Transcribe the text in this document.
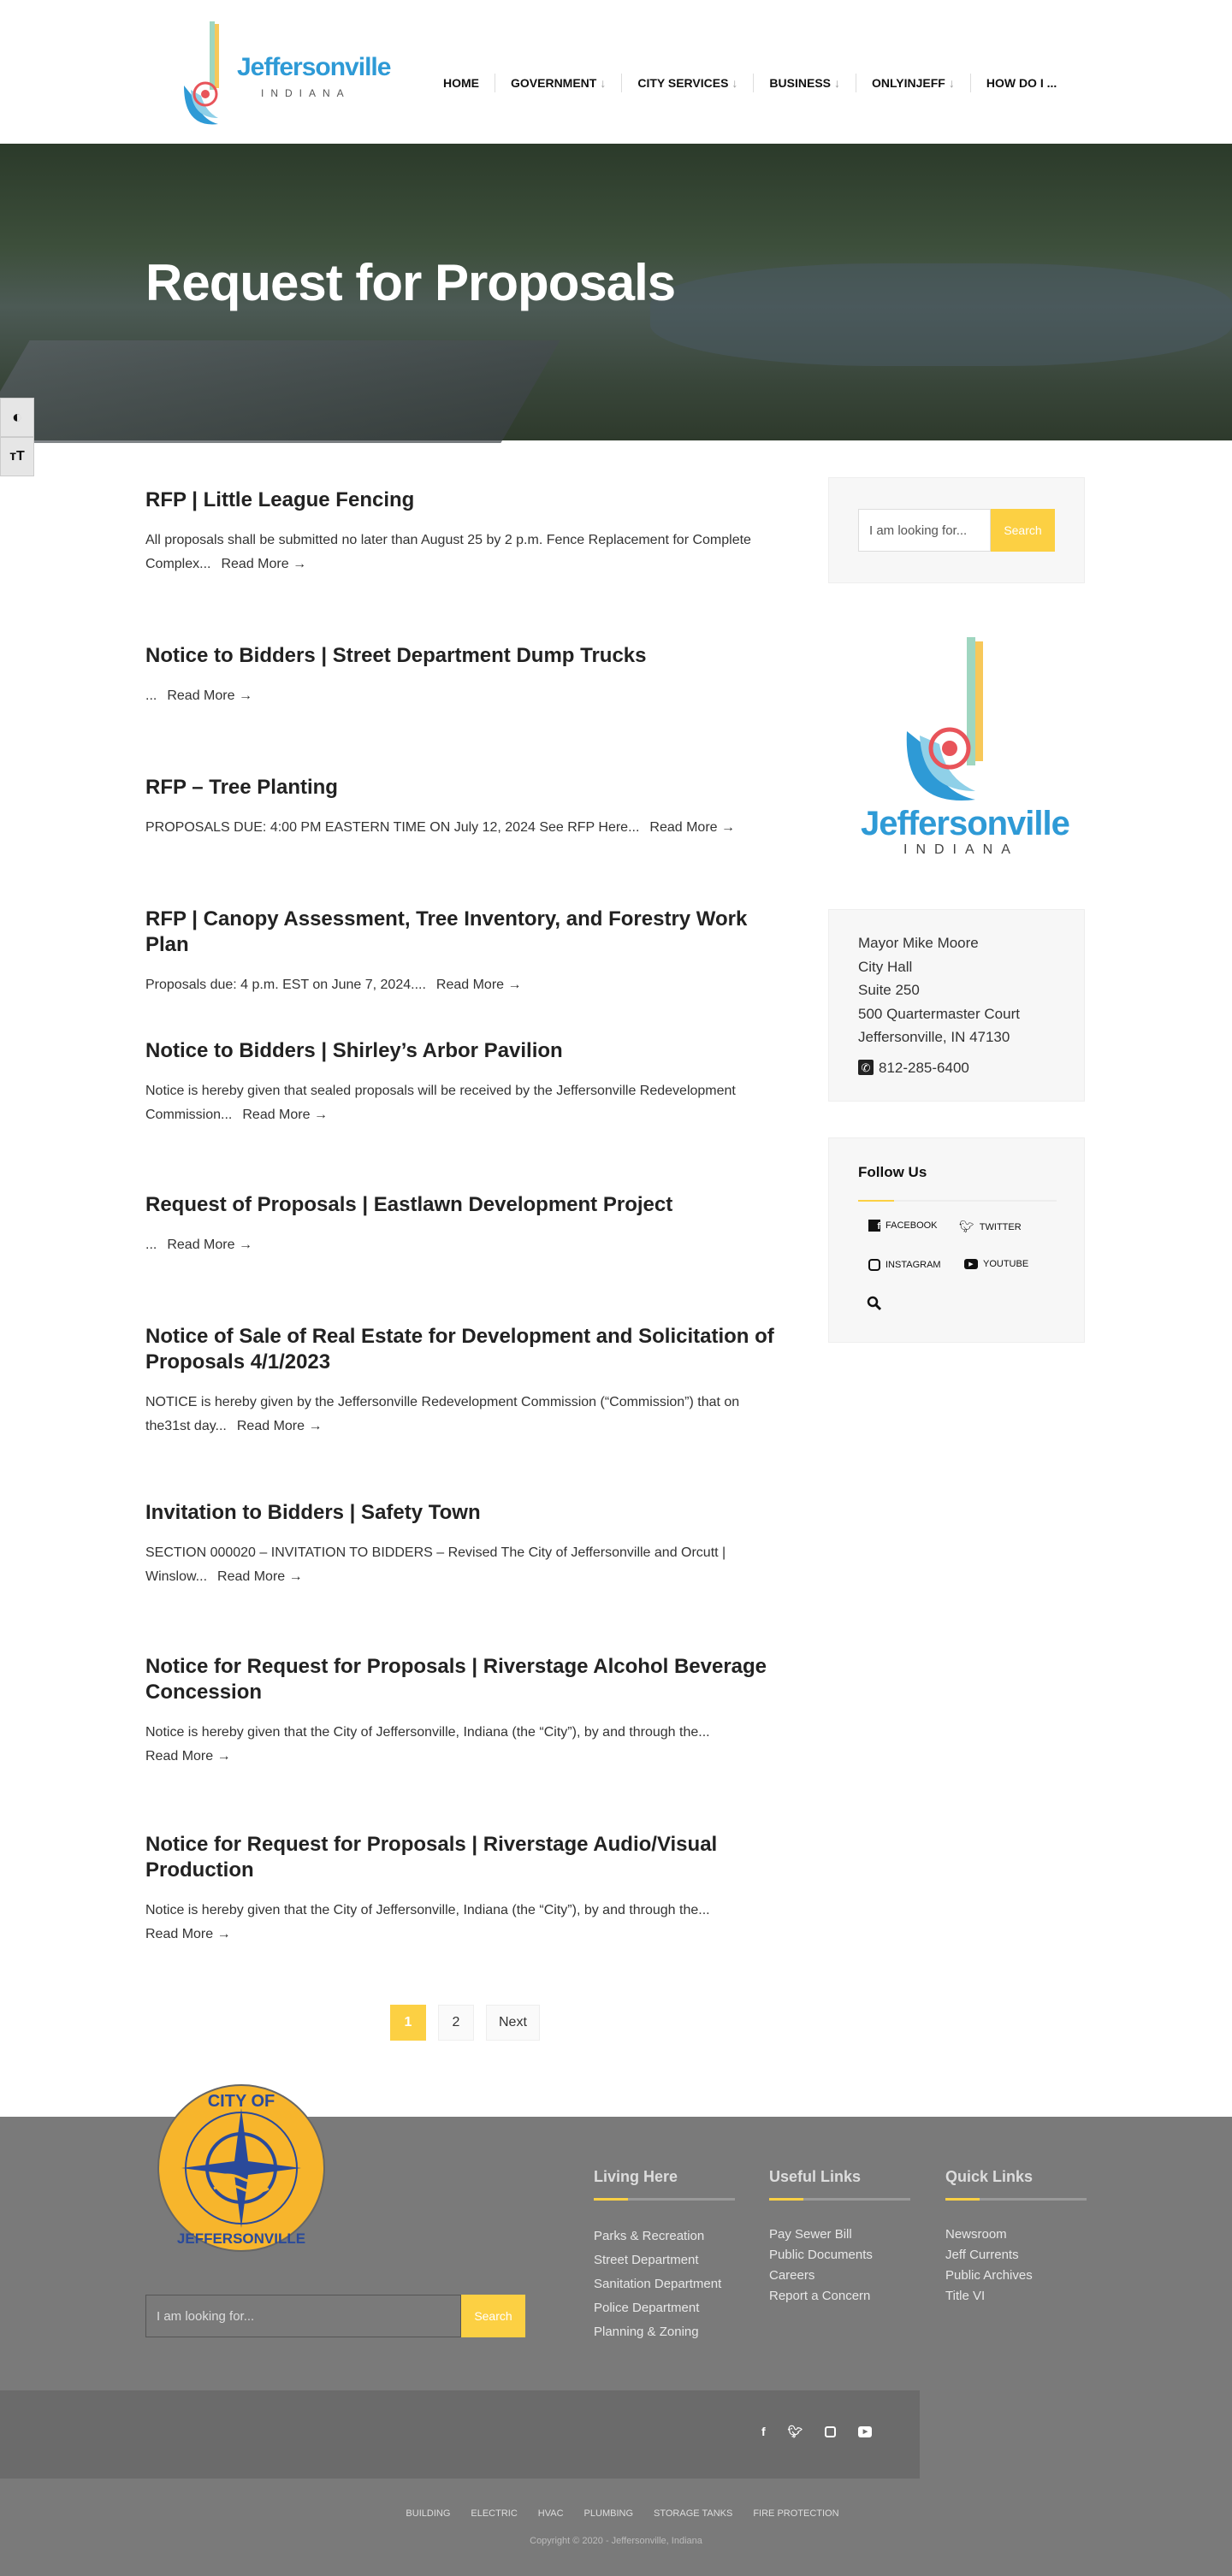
Jeffersonville
INDIANA
HOME	GOVERNMENT ↓	CITY SERVICES ↓	BUSINESS ↓	ONLYINJEFF ↓	HOW DO I ...
Request for Proposals
◐
ᴛT
RFP | Little League Fencing

All proposals shall be submitted no later than August 25 by 2 p.m. Fence Replacement for Complete Complex... Read More →

Notice to Bidders | Street Department Dump Trucks

... Read More →

RFP – Tree Planting

PROPOSALS DUE: 4:00 PM EASTERN TIME ON July 12, 2024 See RFP Here... Read More →

RFP | Canopy Assessment, Tree Inventory, and Forestry Work Plan

Proposals due: 4 p.m. EST on June 7, 2024.... Read More →

Notice to Bidders | Shirley’s Arbor Pavilion

Notice is hereby given that sealed proposals will be received by the Jeffersonville Redevelopment Commission... Read More →

Request of Proposals | Eastlawn Development Project

... Read More →

Notice of Sale of Real Estate for Development and Solicitation of Proposals 4/1/2023

NOTICE is hereby given by the Jeffersonville Redevelopment Commission (“Commission”) that on the31st day... Read More →

Invitation to Bidders | Safety Town

SECTION 000020 – INVITATION TO BIDDERS – Revised The City of Jeffersonville and Orcutt | Winslow... Read More →

Notice for Request for Proposals | Riverstage Alcohol Beverage Concession

Notice is hereby given that the City of Jeffersonville, Indiana (the “City”), by and through the...
Read More →

Notice for Request for Proposals | Riverstage Audio/Visual Production

Notice is hereby given that the City of Jeffersonville, Indiana (the “City”), by and through the...
Read More →

1	2	Next
I am looking for...	Search
Jeffersonville
INDIANA
Mayor Mike Moore
City Hall
Suite 250
500 Quartermaster Court
Jeffersonville, IN 47130
✆ 812-285-6400
Follow Us
f FACEBOOK 🐦︎ TWITTER
INSTAGRAM	▶	YOUTUBE
CITY OF
JEFFERSONVILLE
I am looking for...	Search
Living Here
Parks & Recreation
Street Department
Sanitation Department
Police Department
Planning & Zoning
Useful Links
Pay Sewer Bill
Public Documents
Careers
Report a Concern
Quick Links
Newsroom
Jeff Currents
Public Archives
Title VI
f 🐦︎	▶
BUILDING ELECTRIC HVAC PLUMBING STORAGE TANKS FIRE PROTECTION
Copyright © 2020 - Jeffersonville, Indiana
